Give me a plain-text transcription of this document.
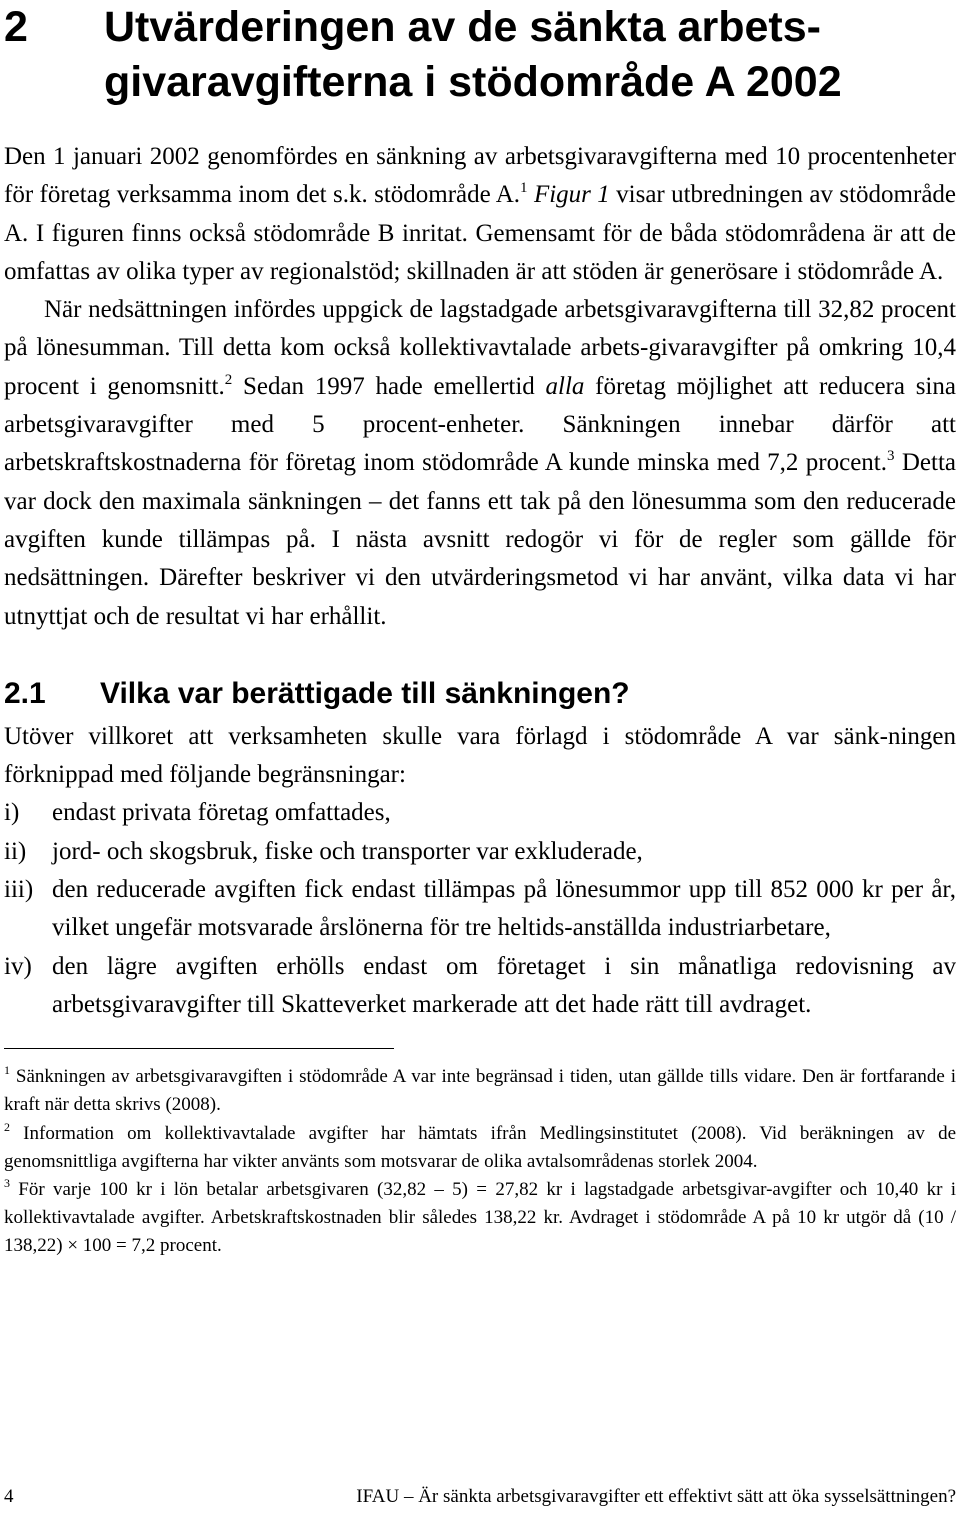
2 Utvärderingen av de sänkta arbets-givaravgifterna i stödområde A 2002

Den 1 januari 2002 genomfördes en sänkning av arbetsgivaravgifterna med 10 procentenheter för företag verksamma inom det s.k. stödområde A.$^1$ Figur 1 visar utbredningen av stödområde A. I figuren finns också stödområde B inritat. Gemensamt för de båda stödområdena är att de omfattas av olika typer av regionalstöd; skillnaden är att stöden är generösare i stödområde A.

När nedsättningen infördes uppgick de lagstadgade arbetsgivaravgifterna till 32,82 procent på lönesumman. Till detta kom också kollektivavtalade arbets-givaravgifter på omkring 10,4 procent i genomsnitt.$^2$ Sedan 1997 hade emellertid alla företag möjlighet att reducera sina arbetsgivaravgifter med 5 procent-enheter. Sänkningen innebar därför att arbetskraftskostnaderna för företag inom stödområde A kunde minska med 7,2 procent.$^3$ Detta var dock den maximala sänkningen – det fanns ett tak på den lönesumma som den reducerade avgiften kunde tillämpas på. I nästa avsnitt redogör vi för de regler som gällde för nedsättningen. Därefter beskriver vi den utvärderingsmetod vi har använt, vilka data vi har utnyttjat och de resultat vi har erhållit.

2.1 Vilka var berättigade till sänkningen?

Utöver villkoret att verksamheten skulle vara förlagd i stödområde A var sänk-ningen förknippad med följande begränsningar:

i) endast privata företag omfattades,
ii) jord- och skogsbruk, fiske och transporter var exkluderade,
iii) den reducerade avgiften fick endast tillämpas på lönesummor upp till 852 000 kr per år, vilket ungefär motsvarade årslönerna för tre heltids-anställda industriarbetare,
iv) den lägre avgiften erhölls endast om företaget i sin månatliga redovisning av arbetsgivaravgifter till Skatteverket markerade att det hade rätt till avdraget.

$^1$ Sänkningen av arbetsgivaravgiften i stödområde A var inte begränsad i tiden, utan gällde tills vidare. Den är fortfarande i kraft när detta skrivs (2008).

$^2$ Information om kollektivavtalade avgifter har hämtats ifrån Medlingsinstitutet (2008). Vid beräkningen av de genomsnittliga avgifterna har vikter använts som motsvarar de olika avtalsområdenas storlek 2004.

$^3$ För varje 100 kr i lön betalar arbetsgivaren (32,82 – 5) = 27,82 kr i lagstadgade arbetsgivar-avgifter och 10,40 kr i kollektivavtalade avgifter. Arbetskraftskostnaden blir således 138,22 kr. Avdraget i stödområde A på 10 kr utgör då (10 / 138,22) × 100 = 7,2 procent.

4	IFAU – Är sänkta arbetsgivaravgifter ett effektivt sätt att öka sysselsättningen?
